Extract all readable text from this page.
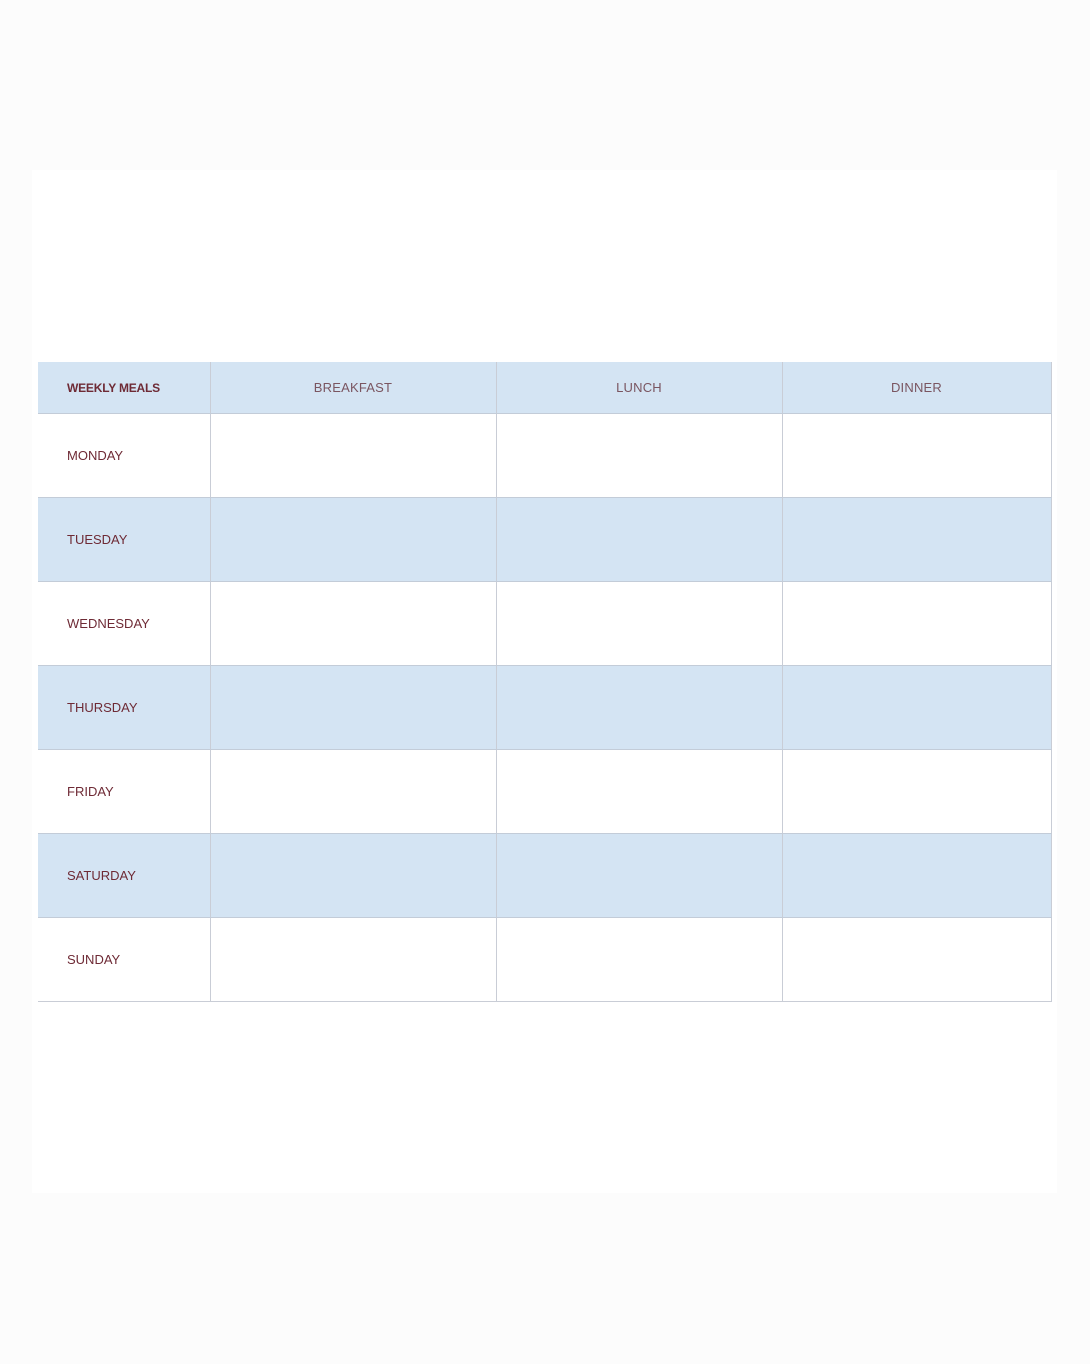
WEEKLY MEALS	BREAKFAST	LUNCH	DINNER
MONDAY			
TUESDAY			
WEDNESDAY			
THURSDAY			
FRIDAY			
SATURDAY			
SUNDAY			
